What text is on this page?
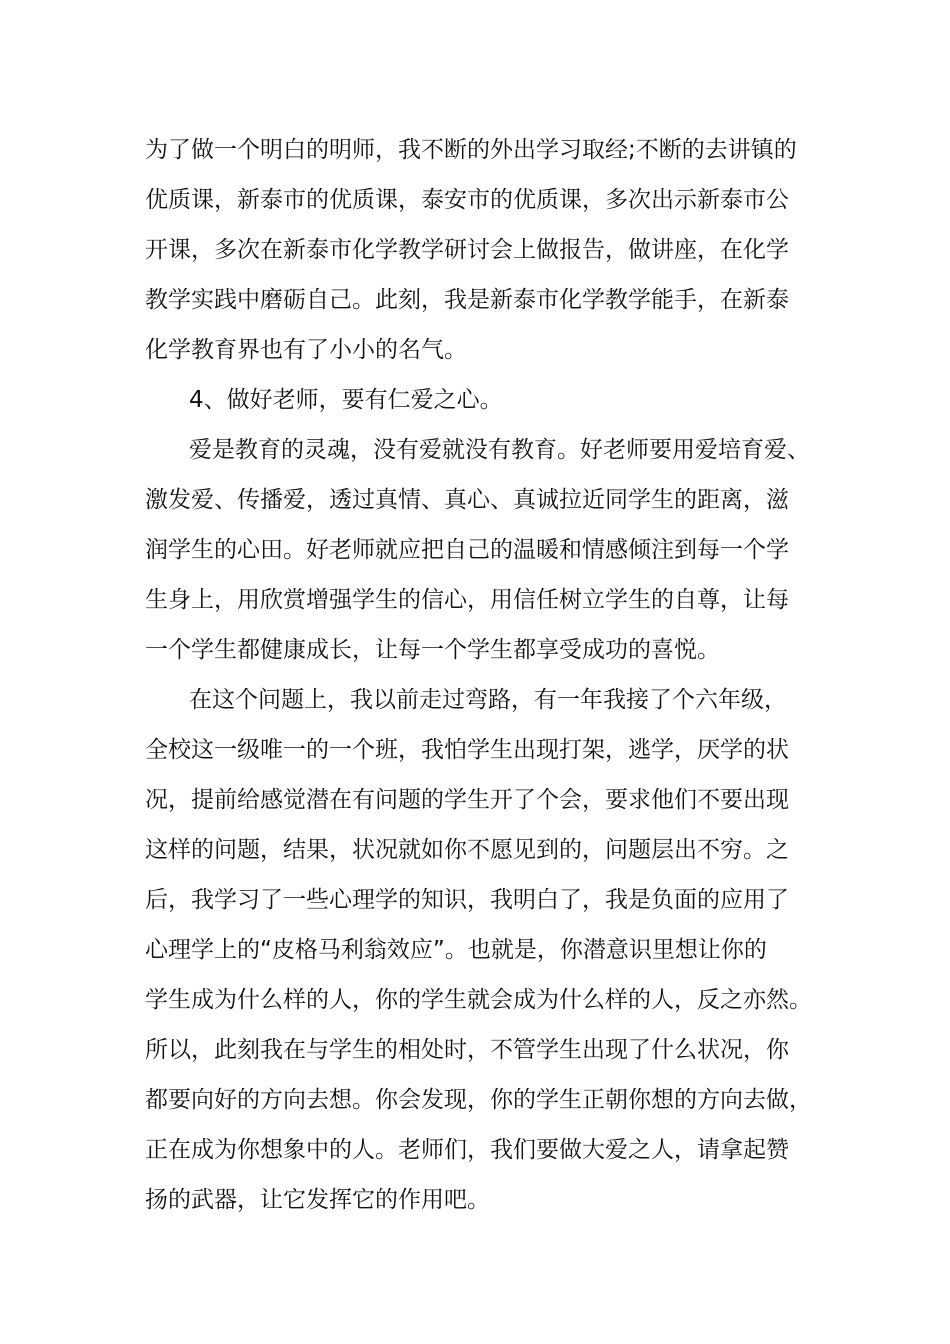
为了做一个明白的明师，我不断的外出学习取经;不断的去讲镇的
优质课，新泰市的优质课，泰安市的优质课，多次出示新泰市公
开课，多次在新泰市化学教学研讨会上做报告，做讲座，在化学
教学实践中磨砺自己。此刻，我是新泰市化学教学能手，在新泰
化学教育界也有了小小的名气。
4、做好老师，要有仁爱之心。
爱是教育的灵魂，没有爱就没有教育。好老师要用爱培育爱、
激发爱、传播爱，透过真情、真心、真诚拉近同学生的距离，滋
润学生的心田。好老师就应把自己的温暖和情感倾注到每一个学
生身上，用欣赏增强学生的信心，用信任树立学生的自尊，让每
一个学生都健康成长，让每一个学生都享受成功的喜悦。
在这个问题上，我以前走过弯路，有一年我接了个六年级，
全校这一级唯一的一个班，我怕学生出现打架，逃学，厌学的状
况，提前给感觉潜在有问题的学生开了个会，要求他们不要出现
这样的问题，结果，状况就如你不愿见到的，问题层出不穷。之
后，我学习了一些心理学的知识，我明白了，我是负面的应用了
心理学上的“皮格马利翁效应”。也就是，你潜意识里想让你的
学生成为什么样的人，你的学生就会成为什么样的人，反之亦然。
所以，此刻我在与学生的相处时，不管学生出现了什么状况，你
都要向好的方向去想。你会发现，你的学生正朝你想的方向去做，
正在成为你想象中的人。老师们，我们要做大爱之人，请拿起赞
扬的武器，让它发挥它的作用吧。
